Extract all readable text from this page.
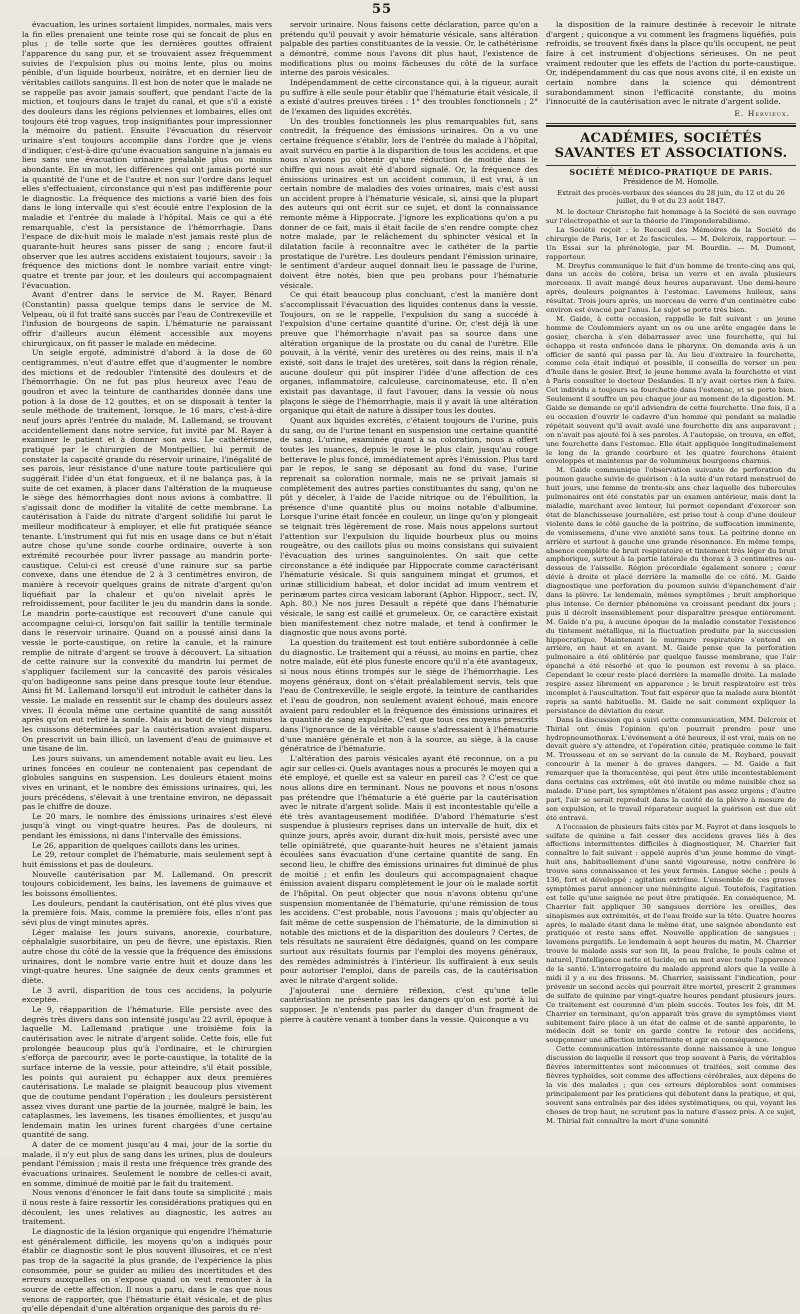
55

évacuation, les urines sortaient limpides, normales, mais vers la fin elles prenaient une teinte rose qui se foncait de plus en plus ; de telle sorte que les dernières gouttes offraient l'apparence du sang pur, et se trouvaient assez fréquemment suivies de l'expulsion plus ou moins lente, plus ou moins pénible, d'un liquide bourbeux, noirâtre, et en dernier lieu de véritables caillots sanguins. Il est bon de noter que le malade ne se rappelle pas avoir jamais souffert, que pendant l'acte de la miction, et toujours dans le trajet du canal, et que s'il a existé des douleurs dans les régions pelviennes et lombaires, elles ont toujours été trop vagues, trop insignifiantes pour impressionner la mémoire du patient. Ensuite l'évacuation du réservoir urinaire s'est toujours accomplie dans l'ordre que je viens d'indiquer, c'est-à-dire qu'une évacuation sanguine n'a jamais eu lieu sans une évacuation urinaire préalable plus ou moins abondante. En un mot, les différences qui ont jamais porté sur la quantité de l'une et de l'autre et non sur l'ordre dans lequel elles s'effectuaient, circonstance qui n'est pas indifférente pour le diagnostic. La fréquence des mictions a varié bien des fois dans le long intervalle qui s'est écoulé entre l'explosion de la maladie et l'entrée du malade à l'hôpital. Mais ce qui a été remarquable, c'est la persistance de l'hémorrhagie. Dans l'espace de dix-huit mois le malade n'est jamais resté plus de quarante-huit heures sans pisser de sang ; encore faut-il observer que les autres accidens existaient toujours, savoir : la fréquence des mictions dont le nombre variait entre vingt-quatre et trente par jour, et les douleurs qui accompagnaient l'évacuation.

Avant d'entrer dans le service de M. Rayer, Bénard (Constantin) passa quelque temps dans le service de M. Velpeau, où il fut traité sans succès par l'eau de Contrexeville et l'infusion de bourgeons de sapin. L'hématurie ne paraissant offrir d'ailleurs aucun élément accessible aux moyens chirurgicaux, on fit passer le malade en médecine.

Un seigle ergoté, administré d'abord à la dose de 60 centigrammes, n'eut d'autre effet que d'augmenter le nombre des mictions et de redoubler l'intensité des douleurs et de l'hémorrhagie. On ne fut pas plus heureux avec l'eau de goudron et avec la teinture de cantharides donnée dans une potion à la dose de 12 gouttes, et on se disposait à tenter la seule méthode de traitement, lorsque, le 16 mars, c'est-à-dire neuf jours après l'entrée du malade, M. Lallemand, se trouvant accidentellement dans notre service, fut invité par M. Rayer à examiner le patient et à donner son avis. Le cathétérisme, pratiqué par le chirurgien de Montpellier, lui permit de constater la capacité grande du réservoir urinaire, l'inégalité de ses parois, leur résistance d'une nature toute particulière qui suggérait l'idée d'un état fongueux, et il ne balança pas, à la suite de cet examen, à placer dans l'altération de la muqueuse le siège des hémorrhagies dont nous avions à combattre. Il s'agissait donc de modifier la vitalité de cette membrane. La cautérisation à l'aide du nitrate d'argent solidifié lui parut le meilleur modificateur à employer, et elle fut pratiquée séance tenante. L'instrument qui fut mis en usage dans ce but n'était autre chose qu'une sonde courbe ordinaire, ouverte à son extrémité recourbée pour livrer passage au mandrin porte-caustique. Celui-ci est creusé d'une rainure sur sa partie convexe, dans une étendue de 2 à 3 centimètres environ, de manière à recevoir quelques grains de nitrate d'argent qu'on liquéfiait par la chaleur et qu'on nivelait après le refroidissement, pour faciliter le jeu du mandrin dans la sonde. Le mandrin porte-caustique est recouvert d'une canule qui accompagne celui-ci, lorsqu'on fait saillir la tentille terminale dans le réservoir urinaire. Quand on a poussé ainsi dans la vessie le porte-caustique, on retire la canule, et la rainure remplie de nitrate d'argent se trouve à découvert. La situation de cette rainure sur la convexité du mandrin lui permet de s'appliquer facilement sur la concavité des parois vésicales qu'on badigeonne sans peine dans presque toute leur étendue. Ainsi fit M. Lallemand lorsqu'il eut introduit le cathéter dans la vessie. Le malade en ressentit sur le champ des douleurs assez vives. Il écoula même une certaine quantité de sang aussitôt après qu'on eut retiré la sonde. Mais au bout de vingt minutes les cuissons déterminées par la cautérisation avaient disparu. On prescrivit un bain illicò, un lavement d'eau de guimauve et une tisane de lin.

Les jours suivans, un amendement notable avait eu lieu. Les urines foncées en couleur ne contenaient pas cependant de globules sanguins en suspension. Les douleurs étaient moins vives en urinant, et le nombre des émissions urinaires, qui, les jours précédens, s'élevait à une trentaine environ, ne dépassait pas le chiffre de douze.

Le 20 mars, le nombre des émissions urinaires s'est élevé jusqu'à vingt ou vingt-quatre heures. Pas de douleurs, ni pendant les émissions, ni dans l'intervalle des émissions.

Le 26, apparition de quelques caillots dans les urines.

Le 29, retour complet de l'hématurie, mais seulement sept à huit émissions et pas de douleurs.

Nouvelle cautérisation par M. Lallemand. On prescrit toujours cobicidement, les bains, les lavemens de guimauve et les boissons émollientes.

Les douleurs, pendant la cautérisation, ont été plus vives que la première fois. Mais, comme la première fois, elles n'ont pas sévi plus de vingt minutes après.

Léger malaise les jours suivans, anorexie, courbature, céphalalgie susorbitaire, un peu de fièvre, une épistaxis. Rien autre chose du côté de la vessie que la fréquence des émissions urinaires, dont le nombre varie entre huit et douze dans les vingt-quatre heures. Une saignée de deux cents grammes et diète.

Le 3 avril, disparition de tous ces accidens, la polyurie exceptée.

Le 9, réapparition de l'hématurie. Elle persiste avec des degrés très divers dans son intensité jusqu'au 22 avril, époque à laquelle M. Lallemand pratique une troisième fois la cautérisation avec le nitrate d'argent solide. Cette fois, elle fut prolongée beaucoup plus qu'à l'ordinaire, et le chirurgien s'efforça de parcourir, avec le porte-caustique, la totalité de la surface interne de la vessie, pour atteindre, s'il était possible, les points qui auraient pu échapper aux deux premières cautérisations. Le malade se plaignit beaucoup plus vivement que de coutume pendant l'opération ; les douleurs persistèrent assez vives durant une partie de la journée, malgré le bain, les cataplasmes, les lavemens, les tisanes émollientes, et jusqu'au lendemain matin les urines furent chargées d'une certaine quantité de sang.

A dater de ce moment jusqu'au 4 mai, jour de la sortie du malade, il n'y eut plus de sang dans les urines, plus de douleurs pendant l'émission ; mais il resta une fréquence très grande des évacuations urinaires. Seulement le nombre de celles-ci avait, en somme, diminué de moitié par le fait du traitement.

Nous venons d'énoncer le fait dans toute sa simplicité ; mais il nous reste à faire ressortir les considérations pratiques qui en découlent, les unes relatives au diagnostic, les autres au traitement.

Le diagnostic de la lésion organique qui engendre l'hématurie est généralement difficile, les moyens qu'on a indiqués pour établir ce diagnostic sont le plus souvent illusoires, et ce n'est pas trop de la sagacité la plus grande, de l'expérience la plus consommée, pour se guider au milieu des incertitudes et des erreurs auxquelles on s'expose quand on veut remonter à la source de cette affection. Il nous a paru, dans le cas que nous venons de rapporter, que l'hématurie était vésicale, et de plus qu'elle dépendait d'une altération organique des parois du ré-

servoir urinaire. Nous faisons cette déclaration, parce qu'on a prétendu qu'il pouvait y avoir hématurie vésicale, sans altération palpable des parties constituantes de la vessie. Or, le cathétérisme a démontré, comme nous l'avons dit plus haut, l'existence de modifications plus ou moins fâcheuses du côté de la surface interne des parois vésicales.

Indépendamment de cette circonstance qui, à la rigueur, aurait pu suffire à elle seule pour établir que l'hématurie était vésicale, il a existé d'autres preuves tirées : 1° des troubles fonctionnels ; 2° de l'examen des liquides excrétés.

Un des troubles fonctionnels les plus remarquables fut, sans contredit, la fréquence des émissions urinaires. On a vu une certaine fréquence s'établir, lors de l'entrée du malade à l'hôpital, avait survécu en partie à la disparition de tous les accidens, et que nous n'avions pu obtenir qu'une réduction de moitié dans le chiffre qui nous avait été d'abord signalé. Or, la fréquence des émissions urinaires est un accident commun, il est vrai, à un certain nombre de maladies des voies urinaires, mais c'est aussi un accident propre à l'hématurie vésicale, si, ainsi que la plupart des auteurs qui ont écrit sur ce sujet, et dont la connaissance remonte même à Hippocrate. J'ignore les explications qu'on a pu donner de ce fait, mais il était facile de s'en rendre compte chez notre malade, par le relâchement du sphincter vésical et la dilatation facile à reconnaître avec le cathéter de la partie prostatique de l'urètre. Les douleurs pendant l'émission urinaire, le sentiment d'ardeur auquel donnait lieu le passage de l'urine, doivent être notés, bien que peu probans pour l'hématurie vésicale.

Ce qui était beaucoup plus concluant, c'est la manière dont s'accomplissait l'évacuation des liquides contenus dans la vessie. Toujours, on se le rappelle, l'expulsion du sang a succédé à l'expulsion d'une certaine quantité d'urine. Or, c'est déjà là une preuve que l'hémorrhagie n'avait pas sa source dans une altération organique de la prostate ou du canal de l'urètre. Elle pouvait, à la vérité, venir des uretères ou des reins, mais il n'a existé, soit dans le trajet des uretères, soit dans la région rénale, aucune douleur qui pût inspirer l'idée d'une affection de ces organes, inflammatoire, calculeuse, carcinomateuse, etc. Il n'en existait pas davantage, il faut l'avouer, dans la vessie où nous plaçons le siège de l'hémorrhagie, mais il y avait là une altération organique qui était de nature à dissiper tous les doutes.

Quant aux liquides excrétés, c'étaient toujours de l'urine, puis du sang, ou de l'urine tenant en suspension une certaine quantité de sang. L'urine, examinée quant à sa coloration, nous a offert toutes les nuances, depuis le rose le plus clair, jusqu'au rouge betterave le plus foncé, immédiatement après l'émission. Plus tard par le repos, le sang se déposant au fond du vase, l'urine reprenait sa coloration normale, mais ne se privait jamais si complètement des autres parties constituantes du sang, qu'on ne pût y déceler, à l'aide de l'acide nitrique ou de l'ébullition, la présence d'une quantité plus ou moins notable d'albumine. Lorsque l'urine était foncée en couleur, un linge qu'on y plongeait se teignait très légèrement de rose. Mais nous appelons surtout l'attention sur l'expulsion du liquide bourbeux plus ou moins rougeâtre, ou des caillots plus ou moins consistans qui suivaient l'évacuation des urines sanguinolentes. On sait que cette circonstance a été indiquée par Hippocrate comme caractérisant l'hématurie vésicale. Si quis sanguinem mingat et grumos, et urinæ stillicidium habeat, et dolor incidat ad imum ventrem et perinæum partes circa vesicam laborant (Aphor. Hippocr., sect. IV, Aph. 80.) Ne nos jures Desault a répété que dans l'hématurie vésicale, le sang est caillé et grumeleux. Or, ce caractère existait bien manifestement chez notre malade, et tend à confirmer le diagnostic que nous avons porté.

La question du traitement est tout entière subordonnée à celle du diagnostic. Le traitement qui a réussi, au moins en partie, chez notre malade, eût été plus funeste encore qu'il n'a été avantageux, si nous nous étions trompés sur le siège de l'hémorrhagie. Les moyens généraux, dont on s'était préalablement servis, tels que l'eau de Contrexeville, le seigle ergoté, la teinture de cantharides et l'eau de goudron, non seulement avaient échoué, mais encore avaient paru redoubler et la fréquence des émissions urinaires et la quantité de sang expulsée. C'est que tous ces moyens prescrits dans l'ignorance de la véritable cause s'adressaient à l'hématurie d'une manière générale et non à la source, au siège, à la cause génératrice de l'hématurie.

L'altération des parois vésicales ayant été reconnue, on a pu agir sur celles-ci. Quels avantages nous a procurés le moyen qui a été employé, et quelle est sa valeur en pareil cas ? C'est ce que nous allons dire en terminant. Nous ne pouvons et nous n'osons pas prétendre que l'hématurie a été guérie par la cautérisation avec le nitrate d'argent solide. Mais il est incontestable qu'elle a été très avantageusement modifiée. D'abord l'hématurie s'est suspendue à plusieurs reprises dans un intervalle de huit, dix et quinze jours, après avoir, durant dix-huit mois, persisté avec une telle opiniâtreté, que quarante-huit heures ne s'étaient jamais écoulées sans évacuation d'une certaine quantité de sang. En second lieu, le chiffre des émissions urinaires fut diminué de plus de moitié ; et enfin les douleurs qui accompagnaient chaque émission avaient disparu complètement le jour où le malade sortit de l'hôpital. On peut objecter que nous n'avons obtenu qu'une suspension momentanée de l'hématurie, qu'une rémission de tous les accidens. C'est probable, nous l'avouons ; mais qu'objecter au fait même de cette suspension de l'hématurie, de la diminution si notable des mictions et de la disparition des douleurs ? Certes, de tels résultats ne sauraient être dédaignés, quand on les compare surtout aux résultats fournis par l'emploi des moyens généraux, des remèdes administrés à l'intérieur. Ils suffiraient à eux seuls pour autoriser l'emploi, dans de pareils cas, de la cautérisation avec le nitrate d'argent solide.

J'ajouterai une dernière réflexion, c'est qu'une telle cautérisation ne présente pas les dangers qu'on est porté à lui supposer. Je n'entends pas parler du danger d'un fragment de pierre à cautère venant à tomber dans la vessie. Quiconque a vu

la disposition de la rainure destinée à recevoir le nitrate d'argent ; quiconque a vu comment les fragmens liquéfiés, puis refroidis, se trouvent fixés dans la place qu'ils occupent, ne peut faire à cet instrument d'objections sérieuses. On ne peut vraiment redouter que les effets de l'action du porte-caustique. Or, indépendamment du cas que nous avons cité, il en existe un certain nombre dans la science qui démontrent surabondamment sinon l'efficacité constante, du moins l'innocuité de la cautérisation avec le nitrate d'argent solide.

E. Hervieux.
ACADÉMIES, SOCIÉTÉS SAVANTES ET ASSOCIATIONS.
SOCIÉTÉ MÉDICO-PRATIQUE DE PARIS.
Présidence de M. Homolle.
Extrait des procès-verbaux des séances du 28 juin, du 12 et du 26 juillet, du 9 et du 23 août 1847.

M. le docteur Christophe fait hommage à la Société de son ouvrage sur l'électropathie et sur la théorie de l'imponderabilisme.

La Société reçoit : le Recueil des Mémoires de la Société de chirurgie de Paris, 1er et 2e fascicules. — M. Delcroix, rapporteur. — Un Essai sur la phrénologie, par M. Bourdin. — M. Dumont, rapporteur.

M. Dreyfus communique le fait d'un homme de trente-cinq ans qui, dans un accès de colère, brisa un verre et en avala plusieurs morceaux. Il avait mangé deux heures auparavant. Une demi-heure après, douleurs poignantes à l'estomac. Lavemens huileux, sans résultat. Trois jours après, un morceau de verre d'un centimètre cube environ est évacué par l'anus. Le sujet se porte très bien.

M. Gaide, à cette occasion, rappelle le fait suivant : un jeune homme de Coulommiers ayant un os ou une arête engagée dans le gosier, chercha à s'en débarrasser avec une fourchette, qui lui échappa et resta enfoncée dans le pharynx. On demanda avis à un officier de santé qui passa par là. Au lieu d'extraire la fourchette, comme cela était indiqué et possible, il conseilla de verser un peu d'huile dans le gosier. Bref, le jeune homme avala la fourchette et vint à Paris consulter le docteur Deslandes. Il n'y avait certes rien à faire. Cet individu a toujours sa fourchette dans l'estomac, et se porte bien. Seulement il souffre un peu chaque jour au moment de la digestion. M. Gaide se demande ce qu'il adviendra de cette fourchette. Une fois, il a eu occasion d'ouvrir le cadavre d'un homme qui pendant sa maladie répétait souvent qu'il avait avalé une fourchette dix ans auparavant ; on n'avait pas ajouté foi à ses paroles. À l'autopsie, on trouva, en effet, une fourchette dans l'estomac. Elle était appliquée longitudinalement le long de la grande courbure et les quatre fourchons étaient enveloppés et maintenus par de volumineux bourgeons charnus.

M. Gaide communique l'observation suivante de perforation du poumon gauche suivie de guérison : à la suite d'un retard menstruel de huit jours, une femme de trente-six ans chez laquelle des tubercules pulmonaires ont été constatés par un examen antérieur, mais dont la maladie, marchant avec lenteur, lui permet cependant d'exercer son état de blanchisseuse journalière, est prise tout à coup d'une douleur violente dans le côté gauche de la poitrine, de suffocation imminente, de vomissemens, d'une vive anxiété sans toux. La poitrine donne en arrière et surtout à gauche une grande résonnance. En même temps, absence complète de bruit respiratoire et tintement très léger du bruit amphorique, surtout à la partie latérale du thorax à 3 centimètres au-dessous de l'aisselle. Région précordiale également sonore ; cœur dévié à droite et placé derrière la mamelle de ce côté. M. Gaide diagnostique une perforation du poumon suivie d'épanchement d'air dans la plèvre. Le lendemain, mêmes symptômes ; bruit amphorique plus intense. Ce dernier phénomène va croissant pendant dix jours ; puis il décroît insensiblement pour disparaître presque entièrement. M. Gaide n'a pu, à aucune époque de la maladie constater l'existence du tintement métallique, ni la fluctuation produite par la succussion hippocratique. Maintenant le murmure respiratoire s'entend en arrière, en haut et en avant. M. Gaide pense que la perforation pulmonaire a été oblitérée par quelque fausse membrane, que l'air épanché a été résorbé et que le poumon est revenu à sa place. Cependant le cœur reste placé derrière la mamelle droite. La malade respire assez librement en apparence ; le bruit respiratoire est très incomplet à l'auscultation. Tout fait espérer que la malade aura bientôt repris sa santé habituelle. M. Gaide ne sait comment expliquer la persistance de déviation du cœur.

Dans la discussion qui a suivi cette communication, MM. Delcroix et Thirial ont émis l'opinion qu'on pourrait prendre pour une hydropneumothorax. L'événement a été heureux, il est vrai, mais on ne devait guère s'y attendre, et l'opération citée, pratiquée comme le fait M. Trousseau et en se servant de la canule de M. Reybard, pouvait concourir à la mener à de graves dangers. — M. Gaide a fait remarquer que la thoracentèse, qui peut être utile incontestablement dans certains cas extrêmes, eût été inutile ou même nuisible chez sa malade. D'une part, les symptômes n'étaient pas assez urgens ; d'autre part, l'air se serait reproduit dans la cavité de la plèvre à mesure de son expulsion, et le travail réparateur auquel la guérison est due eût été entravé.

A l'occasion de plusieurs faits cités par M. Fayrot et dans lesquels le sulfate de quinine a fait cesser des accidens graves liés à des affections intermittentes difficiles à diagnostiquer, M. Charrier fait connaître le fait suivant : appelé auprès d'un jeune homme de vingt-huit ans, habituellement d'une santé vigoureuse, notre confrère le trouve sans connaissance et les yeux fermés. Langue sèche ; pouls à 136, fort et développé ; agitation extrême. L'ensemble de ces graves symptômes parut annoncer une méningite aiguë. Toutefois, l'agitation est telle qu'une saignée ne peut être pratiquée. En conséquence, M. Charrier fait appliquer 30 sangsues derrière les oreilles, des sinapismes aux extrémités, et de l'eau froide sur la tête. Quatre heures après, le malade étant dans le même état, une saignée abondante est pratiquée et reste sans effet. Nouvelle application de sangsues ; lavemens purgatifs. Le lendemain à sept heures du matin, M. Charrier trouve le malade assis sur son lit, la peau fraîche, le pouls calme et naturel, l'intelligence nette et lucide, en un mot avec toute l'apparence de la santé. L'interrogatoire du malade apprend alors que la veille à midi il y a eu des frissons. M. Charrier, saisissant l'indication, pour prévenir un second accès qui pourrait être mortel, prescrit 2 grammes de sulfate de quinine par vingt-quatre heures pendant plusieurs jours. Ce traitement est couronné d'un plein succès. Toutes les fois, dit M. Charrier en terminant, qu'on apparaît très grave de symptômes vient subitement faire place à un état de calme et de santé apparente, le médecin doit se tenir en garde contre le retour des accidens, soupçonner une affection intermittente et agir en conséquence.

Cette communication intéressante donne naissance à une longue discussion de laquelle il ressort que trop souvent à Paris, de véritables fièvres intermittentes sont méconnues et traitées, soit comme des fièvres typhoïdes, soit comme des affections cérébrales, aux dépens de la vie des malades ; que ces erreurs déplorables sont commises principalement par les praticiens qui débutent dans la pratique, et qui, souvent sans entraînés par des idées systématiques, ou qui, voyant les choses de trop haut, ne scrutent pas la nature d'assez près. A ce sujet, M. Thirial fait connaître la mort d'une somnité
